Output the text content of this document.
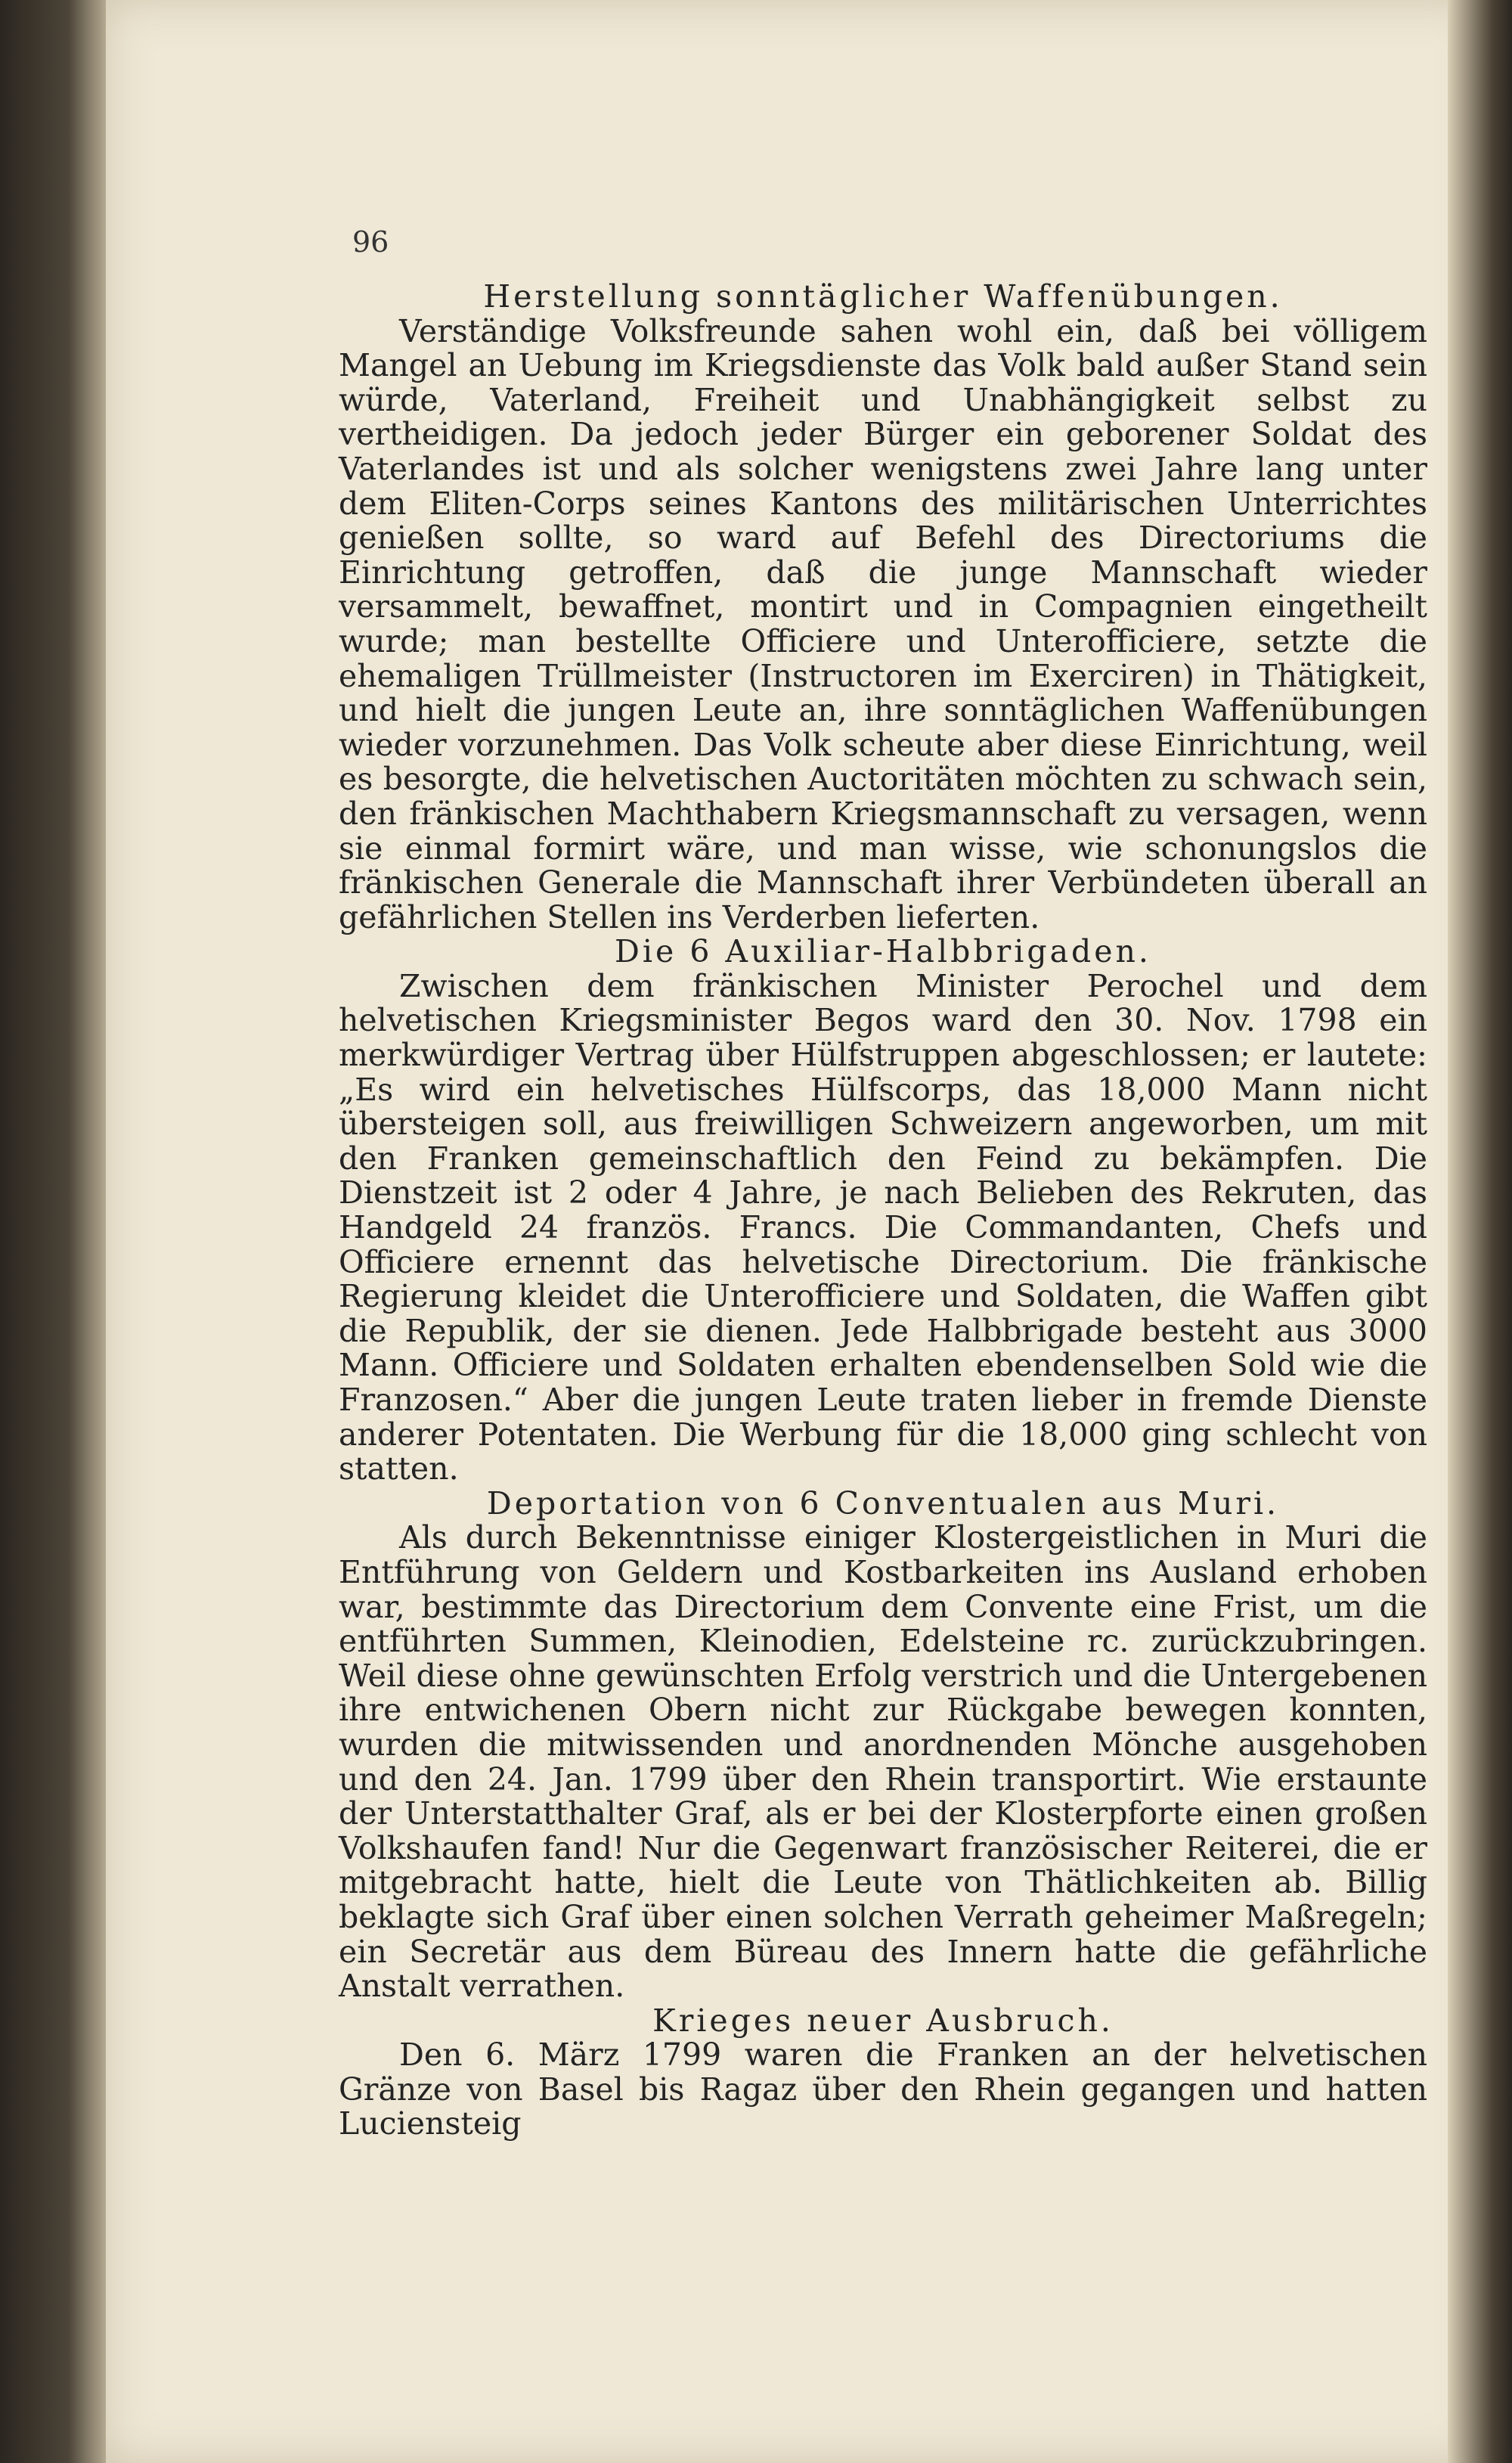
96
Herstellung sonntäglicher Waffenübungen.

Verständige Volksfreunde sahen wohl ein, daß bei völligem Mangel an Uebung im Kriegsdienste das Volk bald außer Stand sein würde, Vaterland, Freiheit und Unabhängigkeit selbst zu vertheidigen. Da jedoch jeder Bürger ein geborener Soldat des Vaterlandes ist und als solcher wenigstens zwei Jahre lang unter dem Eliten-Corps seines Kantons des militärischen Unterrichtes genießen sollte, so ward auf Befehl des Directoriums die Einrichtung getroffen, daß die junge Mannschaft wieder versammelt, bewaffnet, montirt und in Compagnien eingetheilt wurde; man bestellte Officiere und Unterofficiere, setzte die ehemaligen Trüllmeister (Instructoren im Exerciren) in Thätigkeit, und hielt die jungen Leute an, ihre sonntäglichen Waffenübungen wieder vorzunehmen. Das Volk scheute aber diese Einrichtung, weil es besorgte, die helvetischen Auctoritäten möchten zu schwach sein, den fränkischen Machthabern Kriegsmannschaft zu versagen, wenn sie einmal formirt wäre, und man wisse, wie schonungslos die fränkischen Generale die Mannschaft ihrer Verbündeten überall an gefährlichen Stellen ins Verderben lieferten.

Die 6 Auxiliar-Halbbrigaden.

Zwischen dem fränkischen Minister Perochel und dem helvetischen Kriegsminister Begos ward den 30. Nov. 1798 ein merkwürdiger Vertrag über Hülfstruppen abgeschlossen; er lautete: „Es wird ein helvetisches Hülfscorps, das 18,000 Mann nicht übersteigen soll, aus freiwilligen Schweizern angeworben, um mit den Franken gemeinschaftlich den Feind zu bekämpfen. Die Dienstzeit ist 2 oder 4 Jahre, je nach Belieben des Rekruten, das Handgeld 24 französ. Francs. Die Commandanten, Chefs und Officiere ernennt das helvetische Directorium. Die fränkische Regierung kleidet die Unterofficiere und Soldaten, die Waffen gibt die Republik, der sie dienen. Jede Halbbrigade besteht aus 3000 Mann. Officiere und Soldaten erhalten ebendenselben Sold wie die Franzosen.“ Aber die jungen Leute traten lieber in fremde Dienste anderer Potentaten. Die Werbung für die 18,000 ging schlecht von statten.

Deportation von 6 Conventualen aus Muri.

Als durch Bekenntnisse einiger Klostergeistlichen in Muri die Entführung von Geldern und Kostbarkeiten ins Ausland erhoben war, bestimmte das Directorium dem Convente eine Frist, um die entführten Summen, Kleinodien, Edelsteine rc. zurückzubringen. Weil diese ohne gewünschten Erfolg verstrich und die Untergebenen ihre entwichenen Obern nicht zur Rückgabe bewegen konnten, wurden die mitwissenden und anordnenden Mönche ausgehoben und den 24. Jan. 1799 über den Rhein transportirt. Wie erstaunte der Unterstatthalter Graf, als er bei der Klosterpforte einen großen Volkshaufen fand! Nur die Gegenwart französischer Reiterei, die er mitgebracht hatte, hielt die Leute von Thätlichkeiten ab. Billig beklagte sich Graf über einen solchen Verrath geheimer Maßregeln; ein Secretär aus dem Büreau des Innern hatte die gefährliche Anstalt verrathen.

Krieges neuer Ausbruch.

Den 6. März 1799 waren die Franken an der helvetischen Gränze von Basel bis Ragaz über den Rhein gegangen und hatten Luciensteig
